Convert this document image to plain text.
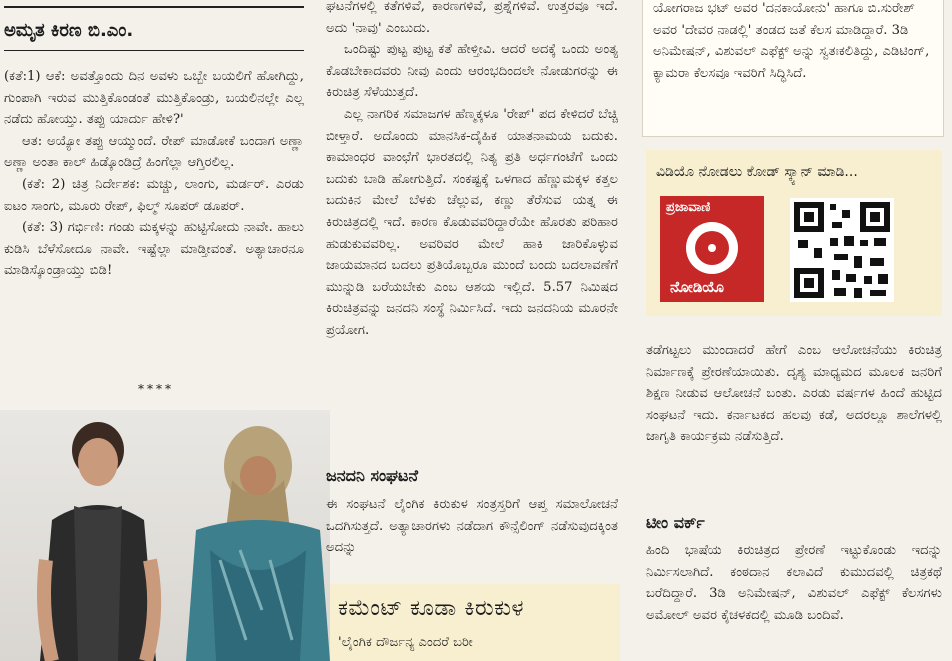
ಅಮೃತ ಕಿರಣ ಬಿ.ಎಂ.

(ಕತೆ:1) ಆಕೆ: ಅವತ್ತೊಂದು ದಿನ ಅವಳು ಒಬ್ಬೇ ಬಯಲಿಗೆ ಹೋಗಿದ್ದು, ಗುಂಪಾಗಿ ಇರುವ ಮುತ್ತಿಕೊಂಡಂತೆ ಮುತ್ತಿಕೊಂಡ್ರು, ಬಯಲಿನಲ್ಲೇ ಎಲ್ಲ ನಡೆದು ಹೋಯ್ತು. ತಪ್ಪು ಯಾರ್ದು ಹೇಳಿ?'

ಆತ: ಅಯ್ಯೋ ತಪ್ಪು ಆಯ್ಮುಂದೆ. ರೇಪ್ ಮಾಡೋಕೆ ಬಂದಾಗ ಅಣ್ಣಾ ಅಣ್ಣಾ ಅಂತಾ ಕಾಲ್ ಹಿಡ್ಕೊಂಡಿದ್ರೆ ಹಿಂಗೆಲ್ಲಾ ಆಗ್ತಿರಲಿಲ್ಲ.

(ಕತೆ: 2) ಚಿತ್ರ ನಿರ್ದೇಶಕ: ಮಚ್ಚು, ಲಾಂಗು, ಮರ್ಡರ್. ಎರಡು ಐಟಂ ಸಾಂಗು, ಮೂರು ರೇಪ್, ಫಿಲ್ಮ್ ಸೂಪರ್ ಡೂಪರ್.

(ಕತೆ: 3) ಗರ್ಭಿಣಿ: ಗಂಡು ಮಕ್ಕಳನ್ನು ಹುಟ್ಟಿಸೋದು ನಾವೇ. ಹಾಲು ಕುಡಿಸಿ ಬೆಳೆಸೋದೂ ನಾವೇ. ಇಷ್ಟೆಲ್ಲಾ ಮಾಡ್ತೀವಂತೆ. ಅತ್ಯಾಚಾರನೂ ಮಾಡಿಸ್ಕೊಂಡ್ರಾಯ್ತು ಬಿಡಿ!

****

ಘಟನೆಗಳಲ್ಲಿ ಕತೆಗಳಿವೆ, ಕಾರಣಗಳಿವೆ, ಪ್ರಶ್ನೆಗಳಿವೆ. ಉತ್ತರವೂ ಇದೆ. ಅದು 'ನಾವು' ಎಂಬುದು.

ಒಂದಿಷ್ಟು ಪುಟ್ಟ ಪುಟ್ಟ ಕತೆ ಹೇಳ್ತೀವಿ. ಆದರೆ ಅದಕ್ಕೆ ಒಂದು ಅಂತ್ಯ ಕೊಡಬೇಕಾದವರು ನೀವು ಎಂದು ಆರಂಭದಿಂದಲೇ ನೋಡುಗರನ್ನು ಈ ಕಿರುಚಿತ್ರ ಸೆಳೆಯುತ್ತದೆ.

ಎಲ್ಲ ನಾಗರಿಕ ಸಮಾಜಗಳ ಹೆಣ್ಮಕ್ಕಳೂ 'ರೇಪ್' ಪದ ಕೇಳಿದರೆ ಬೆಚ್ಚಿ ಬೀಳ್ತಾರೆ. ಅದೊಂದು ಮಾನಸಿಕ-ದೈಹಿಕ ಯಾತನಾಮಯ ಬದುಕು. ಕಾಮಾಂಧರ ವಾಂಛೆಗೆ ಭಾರತದಲ್ಲಿ ನಿತ್ಯ ಪ್ರತಿ ಅರ್ಧಗಂಟೆಗೆ ಒಂದು ಬದುಕು ಬಾಡಿ ಹೋಗುತ್ತಿದೆ. ಸಂಕಷ್ಟಕ್ಕೆ ಒಳಗಾದ ಹೆಣ್ಣುಮಕ್ಕಳ ಕತ್ತಲ ಬದುಕಿನ ಮೇಲೆ ಬೆಳಕು ಚೆಲ್ಲುವ, ಕಣ್ಣು ತೆರೆಸುವ ಯತ್ನ ಈ ಕಿರುಚಿತ್ರದಲ್ಲಿ ಇದೆ. ಕಾರಣ ಕೊಡುವವರಿದ್ದಾರೆಯೇ ಹೊರತು ಪರಿಹಾರ ಹುಡುಕುವವರಿಲ್ಲ. ಅವರಿವರ ಮೇಲೆ ಹಾಕಿ ಜಾರಿಕೊಳ್ಳುವ ಜಾಯಮಾನದ ಬದಲು ಪ್ರತಿಯೊಬ್ಬರೂ ಮುಂದೆ ಬಂದು ಬದಲಾವಣೆಗೆ ಮುನ್ನುಡಿ ಬರೆಯಬೇಕು ಎಂಬ ಆಶಯ ಇಲ್ಲಿದೆ. 5.57 ನಿಮಿಷದ ಕಿರುಚಿತ್ರವನ್ನು ಜನದನಿ ಸಂಸ್ಥೆ ನಿರ್ಮಿಸಿದೆ. ಇದು ಜನದನಿಯ ಮೂರನೇ ಪ್ರಯೋಗ.

ಜನದನಿ ಸಂಘಟನೆ

ಈ ಸಂಘಟನೆ ಲೈಂಗಿಕ ಕಿರುಕುಳ ಸಂತ್ರಸ್ತರಿಗೆ ಆಪ್ತ ಸಮಾಲೋಚನೆ ಒದಗಿಸುತ್ತದೆ. ಅತ್ಯಾಚಾರಗಳು ನಡೆದಾಗ ಕೌನ್ಸೆಲಿಂಗ್ ನಡೆಸುವುದಕ್ಕಿಂತ ಅದನ್ನು

ಕಮೆಂಟ್ ಕೂಡಾ ಕಿರುಕುಳ
'ಲೈಂಗಿಕ ದೌರ್ಜನ್ಯ ಎಂದರೆ ಬರೀ
ಯೋಗರಾಜ ಭಟ್ ಅವರ 'ದನಕಾಯೋನು' ಹಾಗೂ ಬಿ.ಸುರೇಶ್ ಅವರ 'ದೇವರ ನಾಡಲ್ಲಿ' ತಂಡದ ಜತೆ ಕೆಲಸ ಮಾಡಿದ್ದಾರೆ. 3ಡಿ ಅನಿಮೇಷನ್, ವಿಶುವಲ್ ಎಫೆಕ್ಟ್ ಅನ್ನು ಸ್ವತಃಕಲಿತಿದ್ದು, ಎಡಿಟಿಂಗ್, ಕ್ಯಾಮರಾ ಕೆಲಸವೂ ಇವರಿಗೆ ಸಿದ್ಧಿಸಿದೆ.
ವಿಡಿಯೊ ನೋಡಲು ಕೋಡ್ ಸ್ಕ್ಯಾನ್ ಮಾಡಿ...
ಪ್ರಜಾವಾಣಿ
ನೋಡಿಯೊ

ತಡೆಗಟ್ಟಲು ಮುಂದಾದರೆ ಹೇಗೆ ಎಂಬ ಆಲೋಚನೆಯು ಕಿರುಚಿತ್ರ ನಿರ್ಮಾಣಕ್ಕೆ ಪ್ರೇರಣೆಯಾಯಿತು. ದೃಶ್ಯ ಮಾಧ್ಯಮದ ಮೂಲಕ ಜನರಿಗೆ ಶಿಕ್ಷಣ ನೀಡುವ ಆಲೋಚನೆ ಬಂತು. ಎರಡು ವರ್ಷಗಳ ಹಿಂದೆ ಹುಟ್ಟಿದ ಸಂಘಟನೆ ಇದು. ಕರ್ನಾಟಕದ ಹಲವು ಕಡೆ, ಅದರಲ್ಲೂ ಶಾಲೆಗಳಲ್ಲಿ ಜಾಗೃತಿ ಕಾರ್ಯಕ್ರಮ ನಡೆಸುತ್ತಿದೆ.

ಟೀಂ ವರ್ಕ್

ಹಿಂದಿ ಭಾಷೆಯ ಕಿರುಚಿತ್ರದ ಪ್ರೇರಣೆ ಇಟ್ಟುಕೊಂಡು ಇದನ್ನು ನಿರ್ಮಿಸಲಾಗಿದೆ. ಕಂಠದಾನ ಕಲಾವಿದೆ ಕುಮುದವಲ್ಲಿ ಚಿತ್ರಕಥೆ ಬರೆದಿದ್ದಾರೆ. 3ಡಿ ಅನಿಮೇಷನ್, ವಿಶುವಲ್ ಎಫೆಕ್ಟ್ ಕೆಲಸಗಳು ಅಮೋಲ್ ಅವರ ಕೈಚಳಕದಲ್ಲಿ ಮೂಡಿ ಬಂದಿವೆ.
